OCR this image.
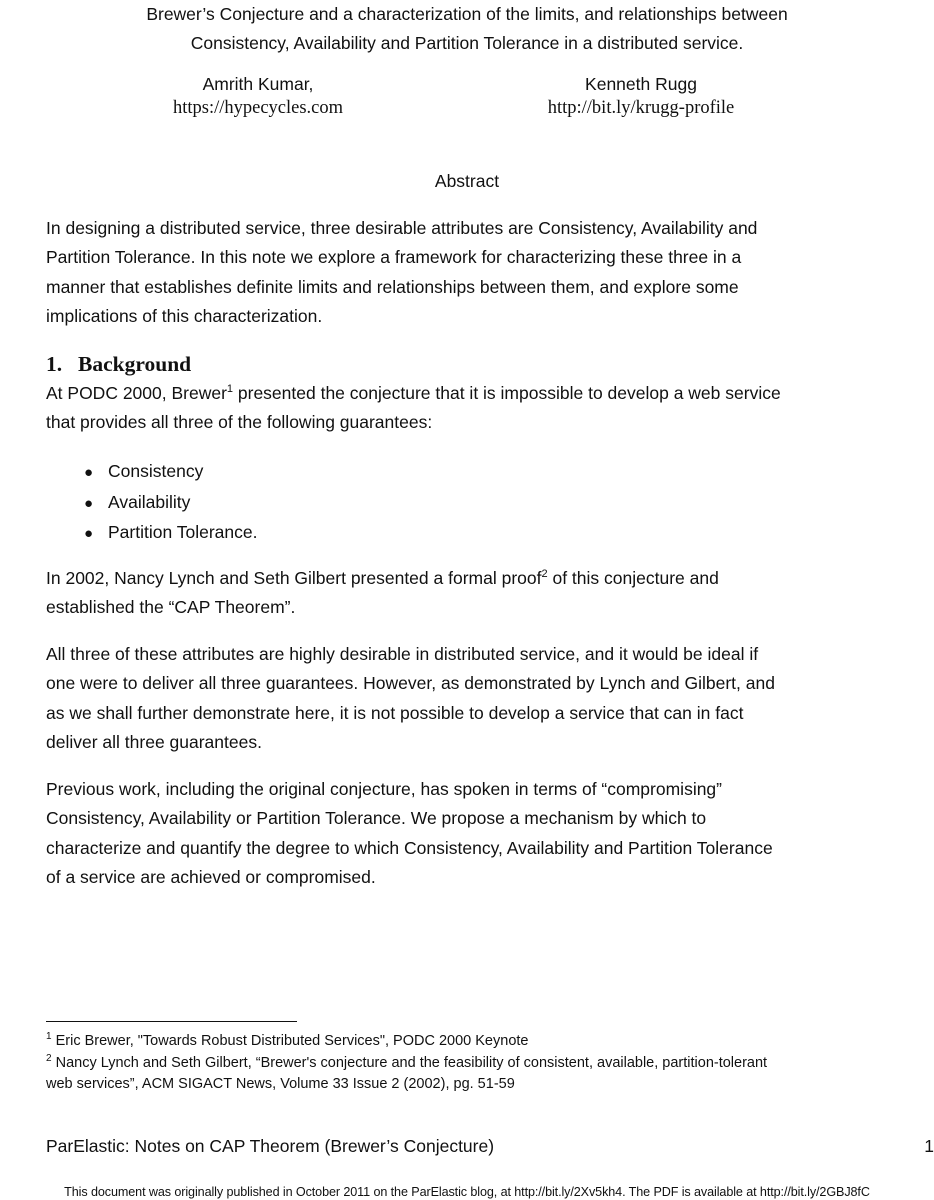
Brewer’s Conjecture and a characterization of the limits, and relationships between
Consistency, Availability and Partition Tolerance in a distributed service.
Amrith Kumar,
https://hypecycles.com
Kenneth Rugg
http://bit.ly/krugg-profile
Abstract
In designing a distributed service, three desirable attributes are Consistency, Availability and
Partition Tolerance. In this note we explore a framework for characterizing these three in a
manner that establishes definite limits and relationships between them, and explore some
implications of this characterization.
1. Background
At PODC 2000, Brewer$^1$ presented the conjecture that it is impossible to develop a web service
that provides all three of the following guarantees:
● Consistency
● Availability
● Partition Tolerance.
In 2002, Nancy Lynch and Seth Gilbert presented a formal proof$^2$ of this conjecture and
established the “CAP Theorem”.
All three of these attributes are highly desirable in distributed service, and it would be ideal if
one were to deliver all three guarantees. However, as demonstrated by Lynch and Gilbert, and
as we shall further demonstrate here, it is not possible to develop a service that can in fact
deliver all three guarantees.
Previous work, including the original conjecture, has spoken in terms of “compromising”
Consistency, Availability or Partition Tolerance. We propose a mechanism by which to
characterize and quantify the degree to which Consistency, Availability and Partition Tolerance
of a service are achieved or compromised.
$^1$ Eric Brewer, "Towards Robust Distributed Services", PODC 2000 Keynote
$^2$ Nancy Lynch and Seth Gilbert, “Brewer's conjecture and the feasibility of consistent, available, partition-tolerant
web services”, ACM SIGACT News, Volume 33 Issue 2 (2002), pg. 51-59
ParElastic: Notes on CAP Theorem (Brewer’s Conjecture)	1
This document was originally published in October 2011 on the ParElastic blog, at http://bit.ly/2Xv5kh4. The PDF is available at http://bit.ly/2GBJ8fC
